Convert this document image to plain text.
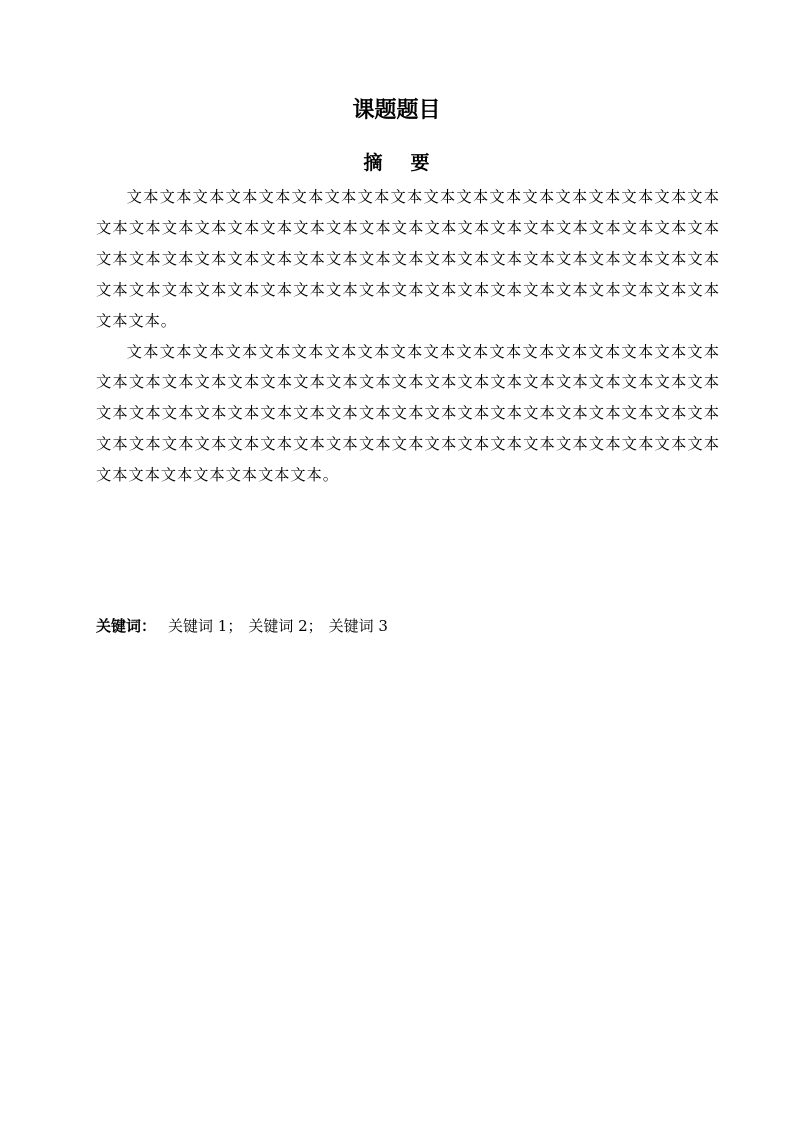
课题题目
摘 要

文本文本文本文本文本文本文本文本文本文本文本文本文本文本文本文本文本文本文本文本文本文本文本文本文本文本文本文本文本文本文本文本文本文本文本文本文本文本文本文本文本文本文本文本文本文本文本文本文本文本文本文本文本文本文本文本文本文本文本文本文本文本文本文本文本文本文本文本文本文本文本文本文本文本文本文本文本。

文本文本文本文本文本文本文本文本文本文本文本文本文本文本文本文本文本文本文本文本文本文本文本文本文本文本文本文本文本文本文本文本文本文本文本文本文本文本文本文本文本文本文本文本文本文本文本文本文本文本文本文本文本文本文本文本文本文本文本文本文本文本文本文本文本文本文本文本文本文本文本文本文本文本文本文本文本文本文本文本文本文本。

关键词： 关键词 1； 关键词 2； 关键词 3
